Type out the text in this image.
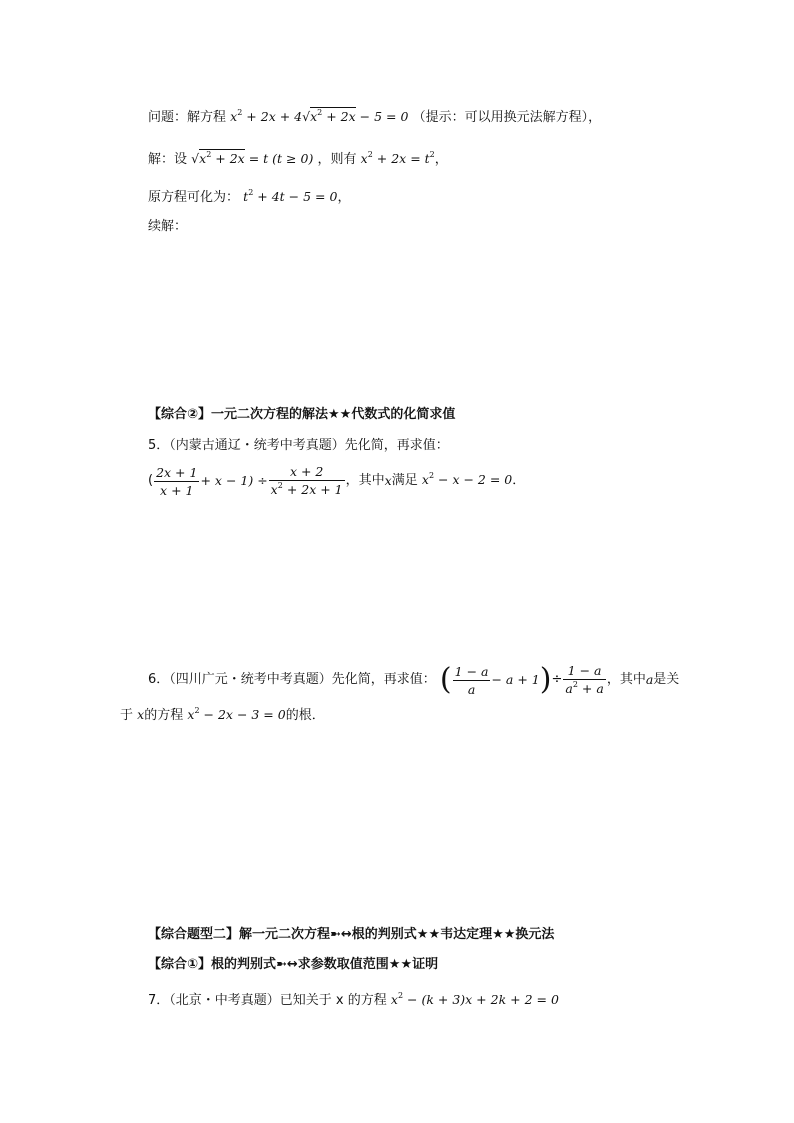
问题：解方程 $x^2 + 2x + 4√x^2 + 2x - 5 = 0$ （提示：可以用换元法解方程），
解：设 $√x^2 + 2x = t$ (t ≥ 0) ，则有 $x^2 + 2x = t^2$，
原方程可化为： $t^2 + 4t - 5 = 0$，
续解：
【综合②】一元二次方程的解法★★代数式的化简求值
5．（内蒙古通辽・统考中考真题）先化简，再求值：
( $\frac{2x + 1}{x + 1} + x - 1) \div \frac{x + 2}{x^2 + 2x + 1}$ ，其中x满足 $x^2 - x - 2 = 0$．
6．（四川广元・统考中考真题）先化简，再求值： ( $\frac{1 - a}{a} - a + 1)\div \frac{1 - a}{a^2 + a}$ ，其中a是关
于 x的方程 $x^2 - 2x - 3 = 0$的根．
【综合题型二】解一元二次方程➼↔根的判别式★★韦达定理★★换元法
【综合①】根的判别式➼↔求参数取值范围★★证明
7．（北京・中考真题）已知关于 x 的方程 $x^2 - (k + 3)x + 2k + 2 = 0$
